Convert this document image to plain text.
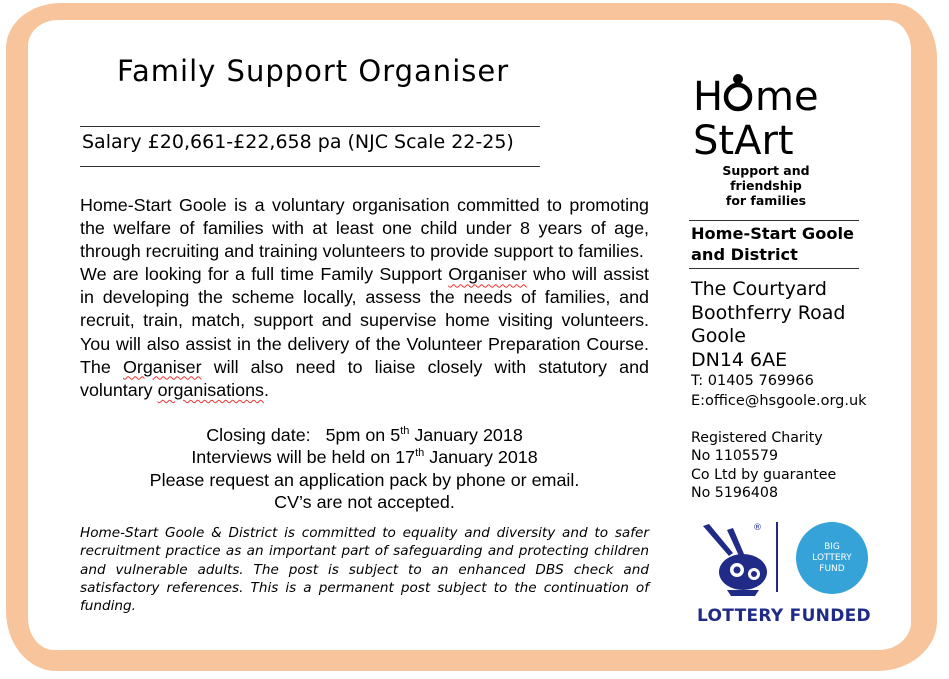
Family Support Organiser
Salary £20,661-£22,658 pa (NJC Scale 22-25)

Home-Start Goole is a voluntary organisation committed to promoting the welfare of families with at least one child under 8 years of age, through recruiting and training volunteers to provide support to families.

We are looking for a full time Family Support Organiser who will assist in developing the scheme locally, assess the needs of families, and recruit, train, match, support and supervise home visiting volunteers. You will also assist in the delivery of the Volunteer Preparation Course. The Organiser will also need to liaise closely with statutory and voluntary organisations.

Closing date: 5pm on 5th January 2018
Interviews will be held on 17th January 2018
Please request an application pack by phone or email.
CV’s are not accepted.
Home-Start Goole & District is committed to equality and diversity and to safer recruitment practice as an important part of safeguarding and protecting children and vulnerable adults. The post is subject to an enhanced DBS check and satisfactory references. This is a permanent post subject to the continuation of funding.
H me
StArt
Support and friendship
for families
Home-Start Goole
and District
The Courtyard
Boothferry Road
Goole
DN14 6AE
T: 01405 769966
E:office@hsgoole.org.uk
Registered Charity
No 1105579
Co Ltd by guarantee
No 5196408
®
BIG
LOTTERY
FUND
LOTTERY FUNDED
